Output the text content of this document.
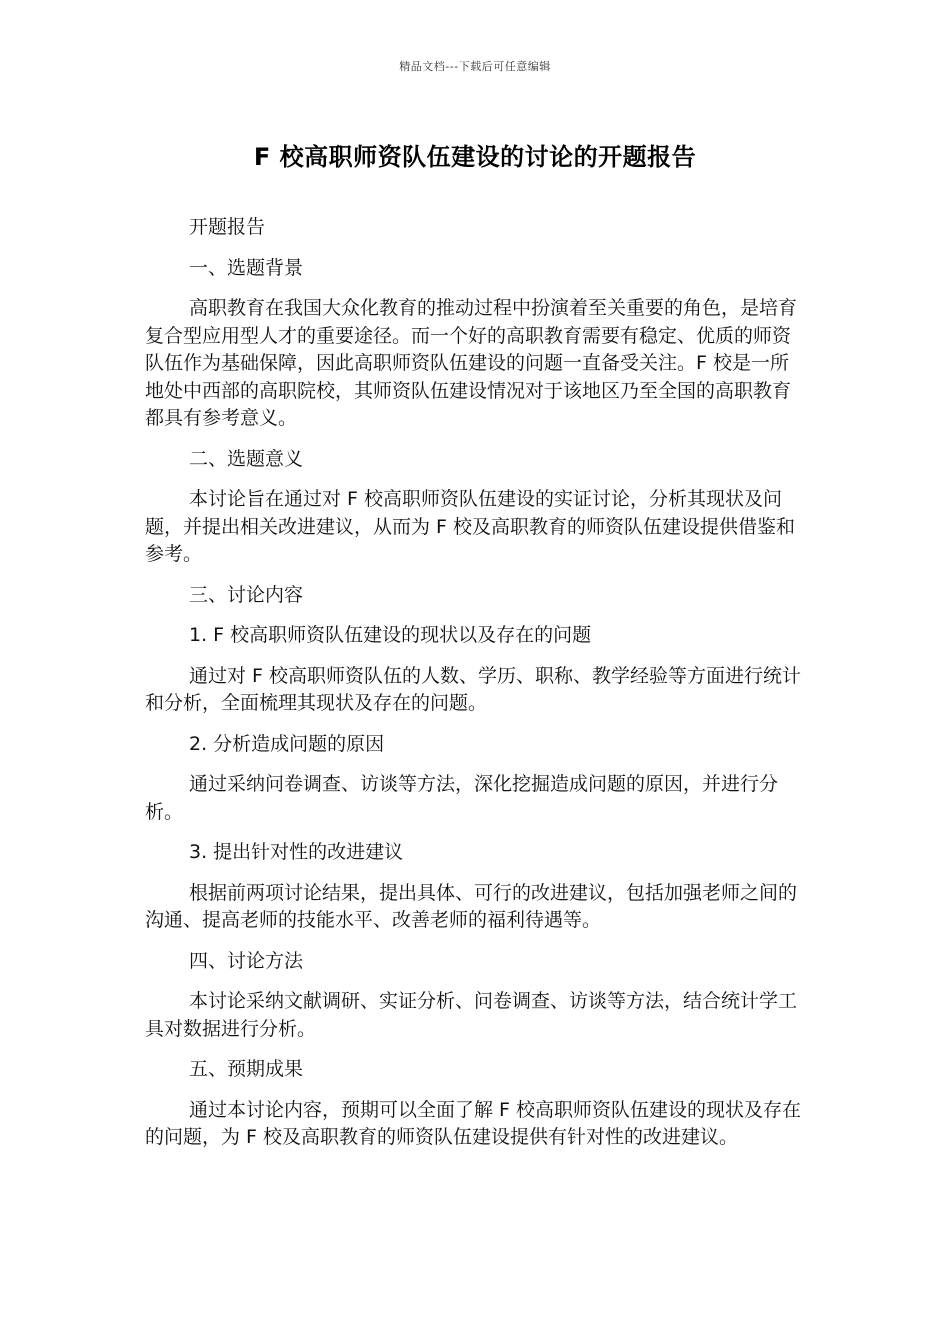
精品文档---下载后可任意编辑
F 校高职师资队伍建设的讨论的开题报告

开题报告

一、选题背景

高职教育在我国大众化教育的推动过程中扮演着至关重要的角色，是培育复合型应用型人才的重要途径。而一个好的高职教育需要有稳定、优质的师资队伍作为基础保障，因此高职师资队伍建设的问题一直备受关注。F 校是一所地处中西部的高职院校，其师资队伍建设情况对于该地区乃至全国的高职教育都具有参考意义。

二、选题意义

本讨论旨在通过对 F 校高职师资队伍建设的实证讨论，分析其现状及问题，并提出相关改进建议，从而为 F 校及高职教育的师资队伍建设提供借鉴和参考。

三、讨论内容

1. F 校高职师资队伍建设的现状以及存在的问题

通过对 F 校高职师资队伍的人数、学历、职称、教学经验等方面进行统计和分析，全面梳理其现状及存在的问题。

2. 分析造成问题的原因

通过采纳问卷调查、访谈等方法，深化挖掘造成问题的原因，并进行分析。

3. 提出针对性的改进建议

根据前两项讨论结果，提出具体、可行的改进建议，包括加强老师之间的沟通、提高老师的技能水平、改善老师的福利待遇等。

四、讨论方法

本讨论采纳文献调研、实证分析、问卷调查、访谈等方法，结合统计学工具对数据进行分析。

五、预期成果

通过本讨论内容，预期可以全面了解 F 校高职师资队伍建设的现状及存在的问题，为 F 校及高职教育的师资队伍建设提供有针对性的改进建议。
